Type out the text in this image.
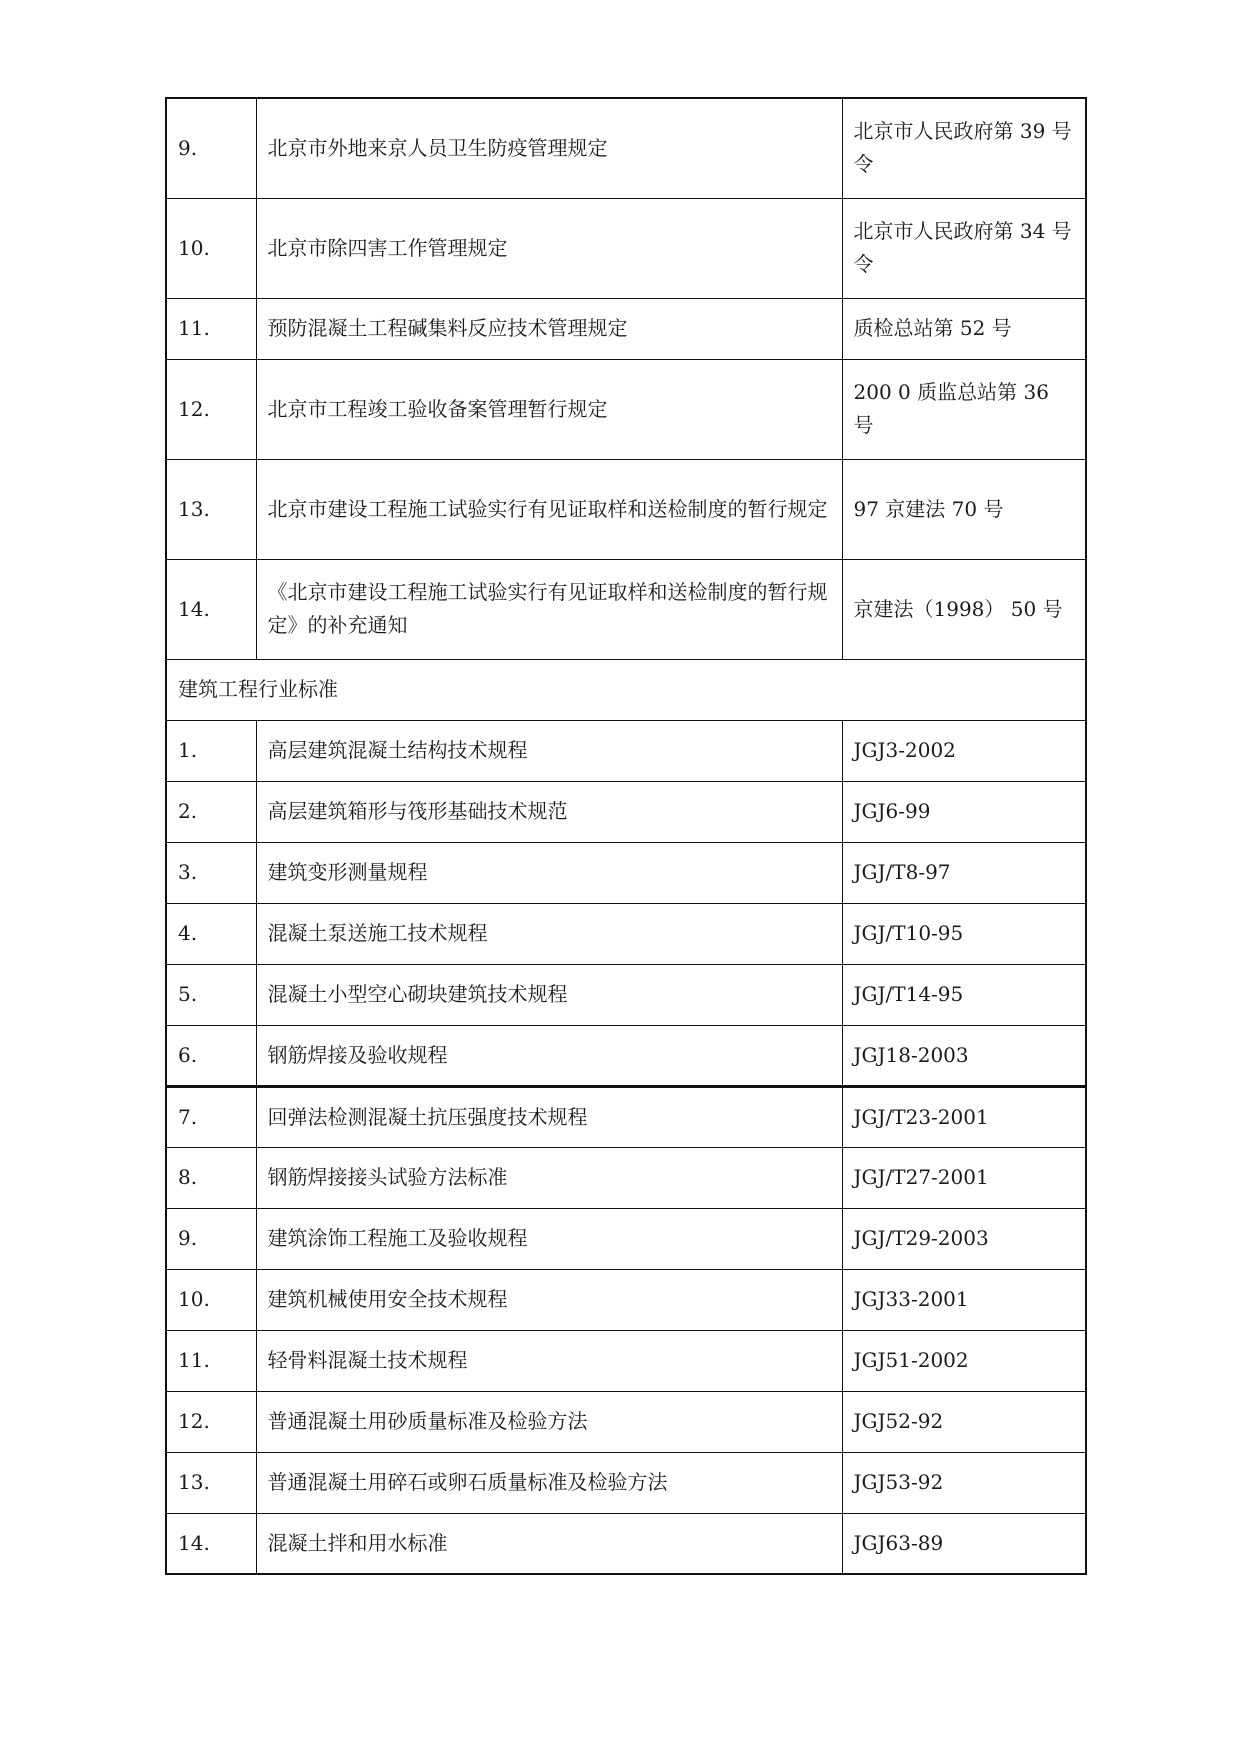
9.	北京市外地来京人员卫生防疫管理规定	北京市人民政府第 39 号令
10.	北京市除四害工作管理规定	北京市人民政府第 34 号令
11.	预防混凝土工程碱集料反应技术管理规定	质检总站第 52 号
12.	北京市工程竣工验收备案管理暂行规定	200 0 质监总站第 36 号
13.	北京市建设工程施工试验实行有见证取样和送检制度的暂行规定	97 京建法 70 号
14.	《北京市建设工程施工试验实行有见证取样和送检制度的暂行规定》的补充通知	京建法（1998） 50 号
建筑工程行业标准		
1.	高层建筑混凝土结构技术规程	JGJ3-2002
2.	高层建筑箱形与筏形基础技术规范	JGJ6-99
3.	建筑变形测量规程	JGJ/T8-97
4.	混凝土泵送施工技术规程	JGJ/T10-95
5.	混凝土小型空心砌块建筑技术规程	JGJ/T14-95
6.	钢筋焊接及验收规程	JGJ18-2003
7.	回弹法检测混凝土抗压强度技术规程	JGJ/T23-2001
8.	钢筋焊接接头试验方法标准	JGJ/T27-2001
9.	建筑涂饰工程施工及验收规程	JGJ/T29-2003
10.	建筑机械使用安全技术规程	JGJ33-2001
11.	轻骨料混凝土技术规程	JGJ51-2002
12.	普通混凝土用砂质量标准及检验方法	JGJ52-92
13.	普通混凝土用碎石或卵石质量标准及检验方法	JGJ53-92
14.	混凝土拌和用水标准	JGJ63-89
